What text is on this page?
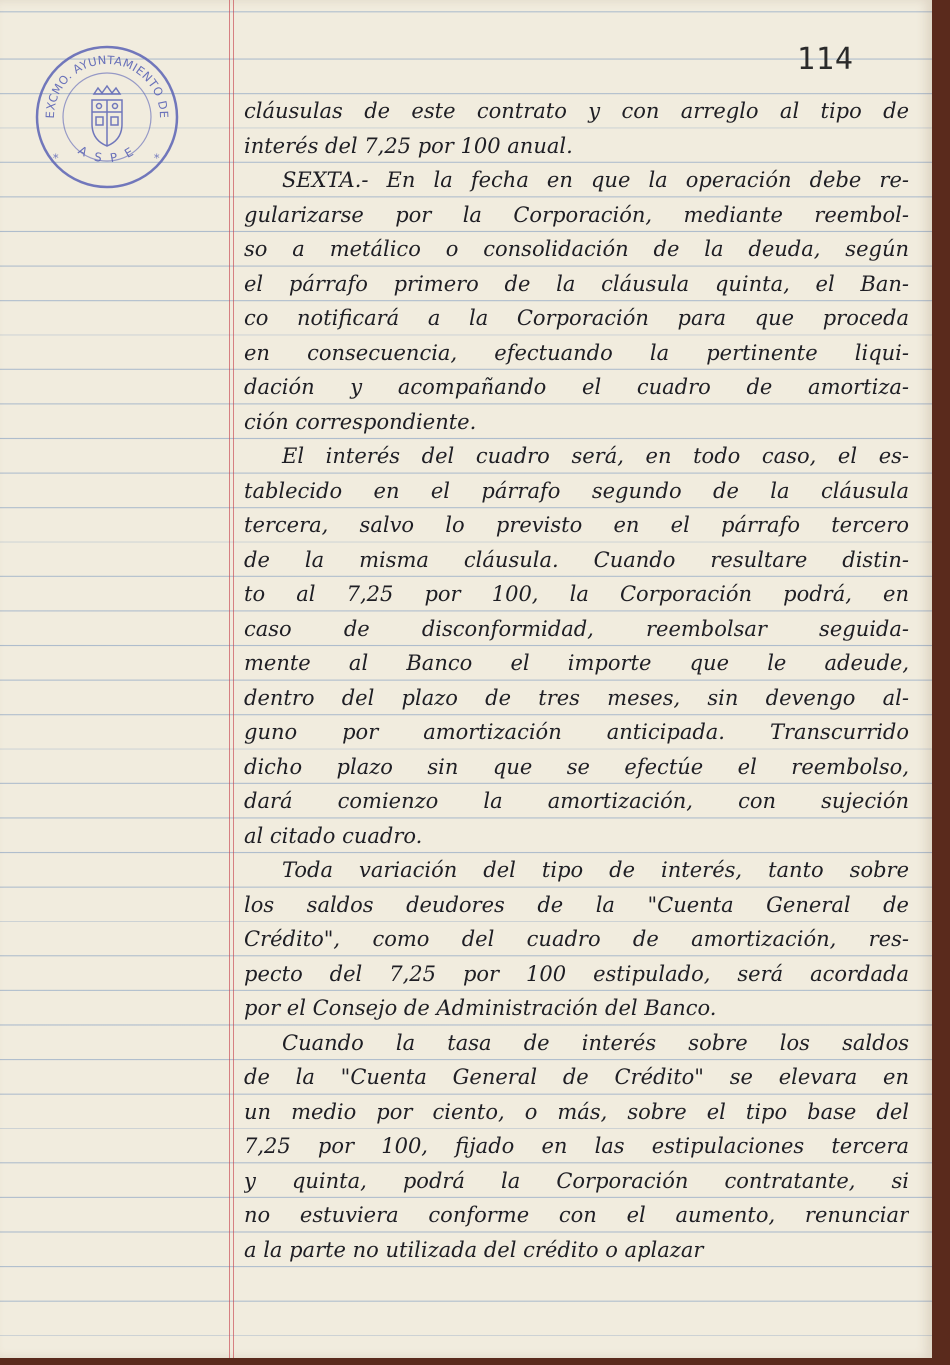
EXCMO. AYUNTAMIENTO DE
A S P E
*	*
114
cláusulas de este contrato y con arreglo al tipo de
interés del 7,25 por 100 anual.
SEXTA.- En la fecha en que la operación debe re-
gularizarse por la Corporación, mediante reembol-
so a metálico o consolidación de la deuda, según
el párrafo primero de la cláusula quinta, el Ban-
co notificará a la Corporación para que proceda
en consecuencia, efectuando la pertinente liqui-
dación y acompañando el cuadro de amortiza-
ción correspondiente.
El interés del cuadro será, en todo caso, el es-
tablecido en el párrafo segundo de la cláusula
tercera, salvo lo previsto en el párrafo tercero
de la misma cláusula. Cuando resultare distin-
to al 7,25 por 100, la Corporación podrá, en
caso de disconformidad, reembolsar seguida-
mente al Banco el importe que le adeude,
dentro del plazo de tres meses, sin devengo al-
guno por amortización anticipada. Transcurrido
dicho plazo sin que se efectúe el reembolso,
dará comienzo la amortización, con sujeción
al citado cuadro.
Toda variación del tipo de interés, tanto sobre
los saldos deudores de la "Cuenta General de
Crédito", como del cuadro de amortización, res-
pecto del 7,25 por 100 estipulado, será acordada
por el Consejo de Administración del Banco.
Cuando la tasa de interés sobre los saldos
de la "Cuenta General de Crédito" se elevara en
un medio por ciento, o más, sobre el tipo base del
7,25 por 100, fijado en las estipulaciones tercera
y quinta, podrá la Corporación contratante, si
no estuviera conforme con el aumento, renunciar
a la parte no utilizada del crédito o aplazar
